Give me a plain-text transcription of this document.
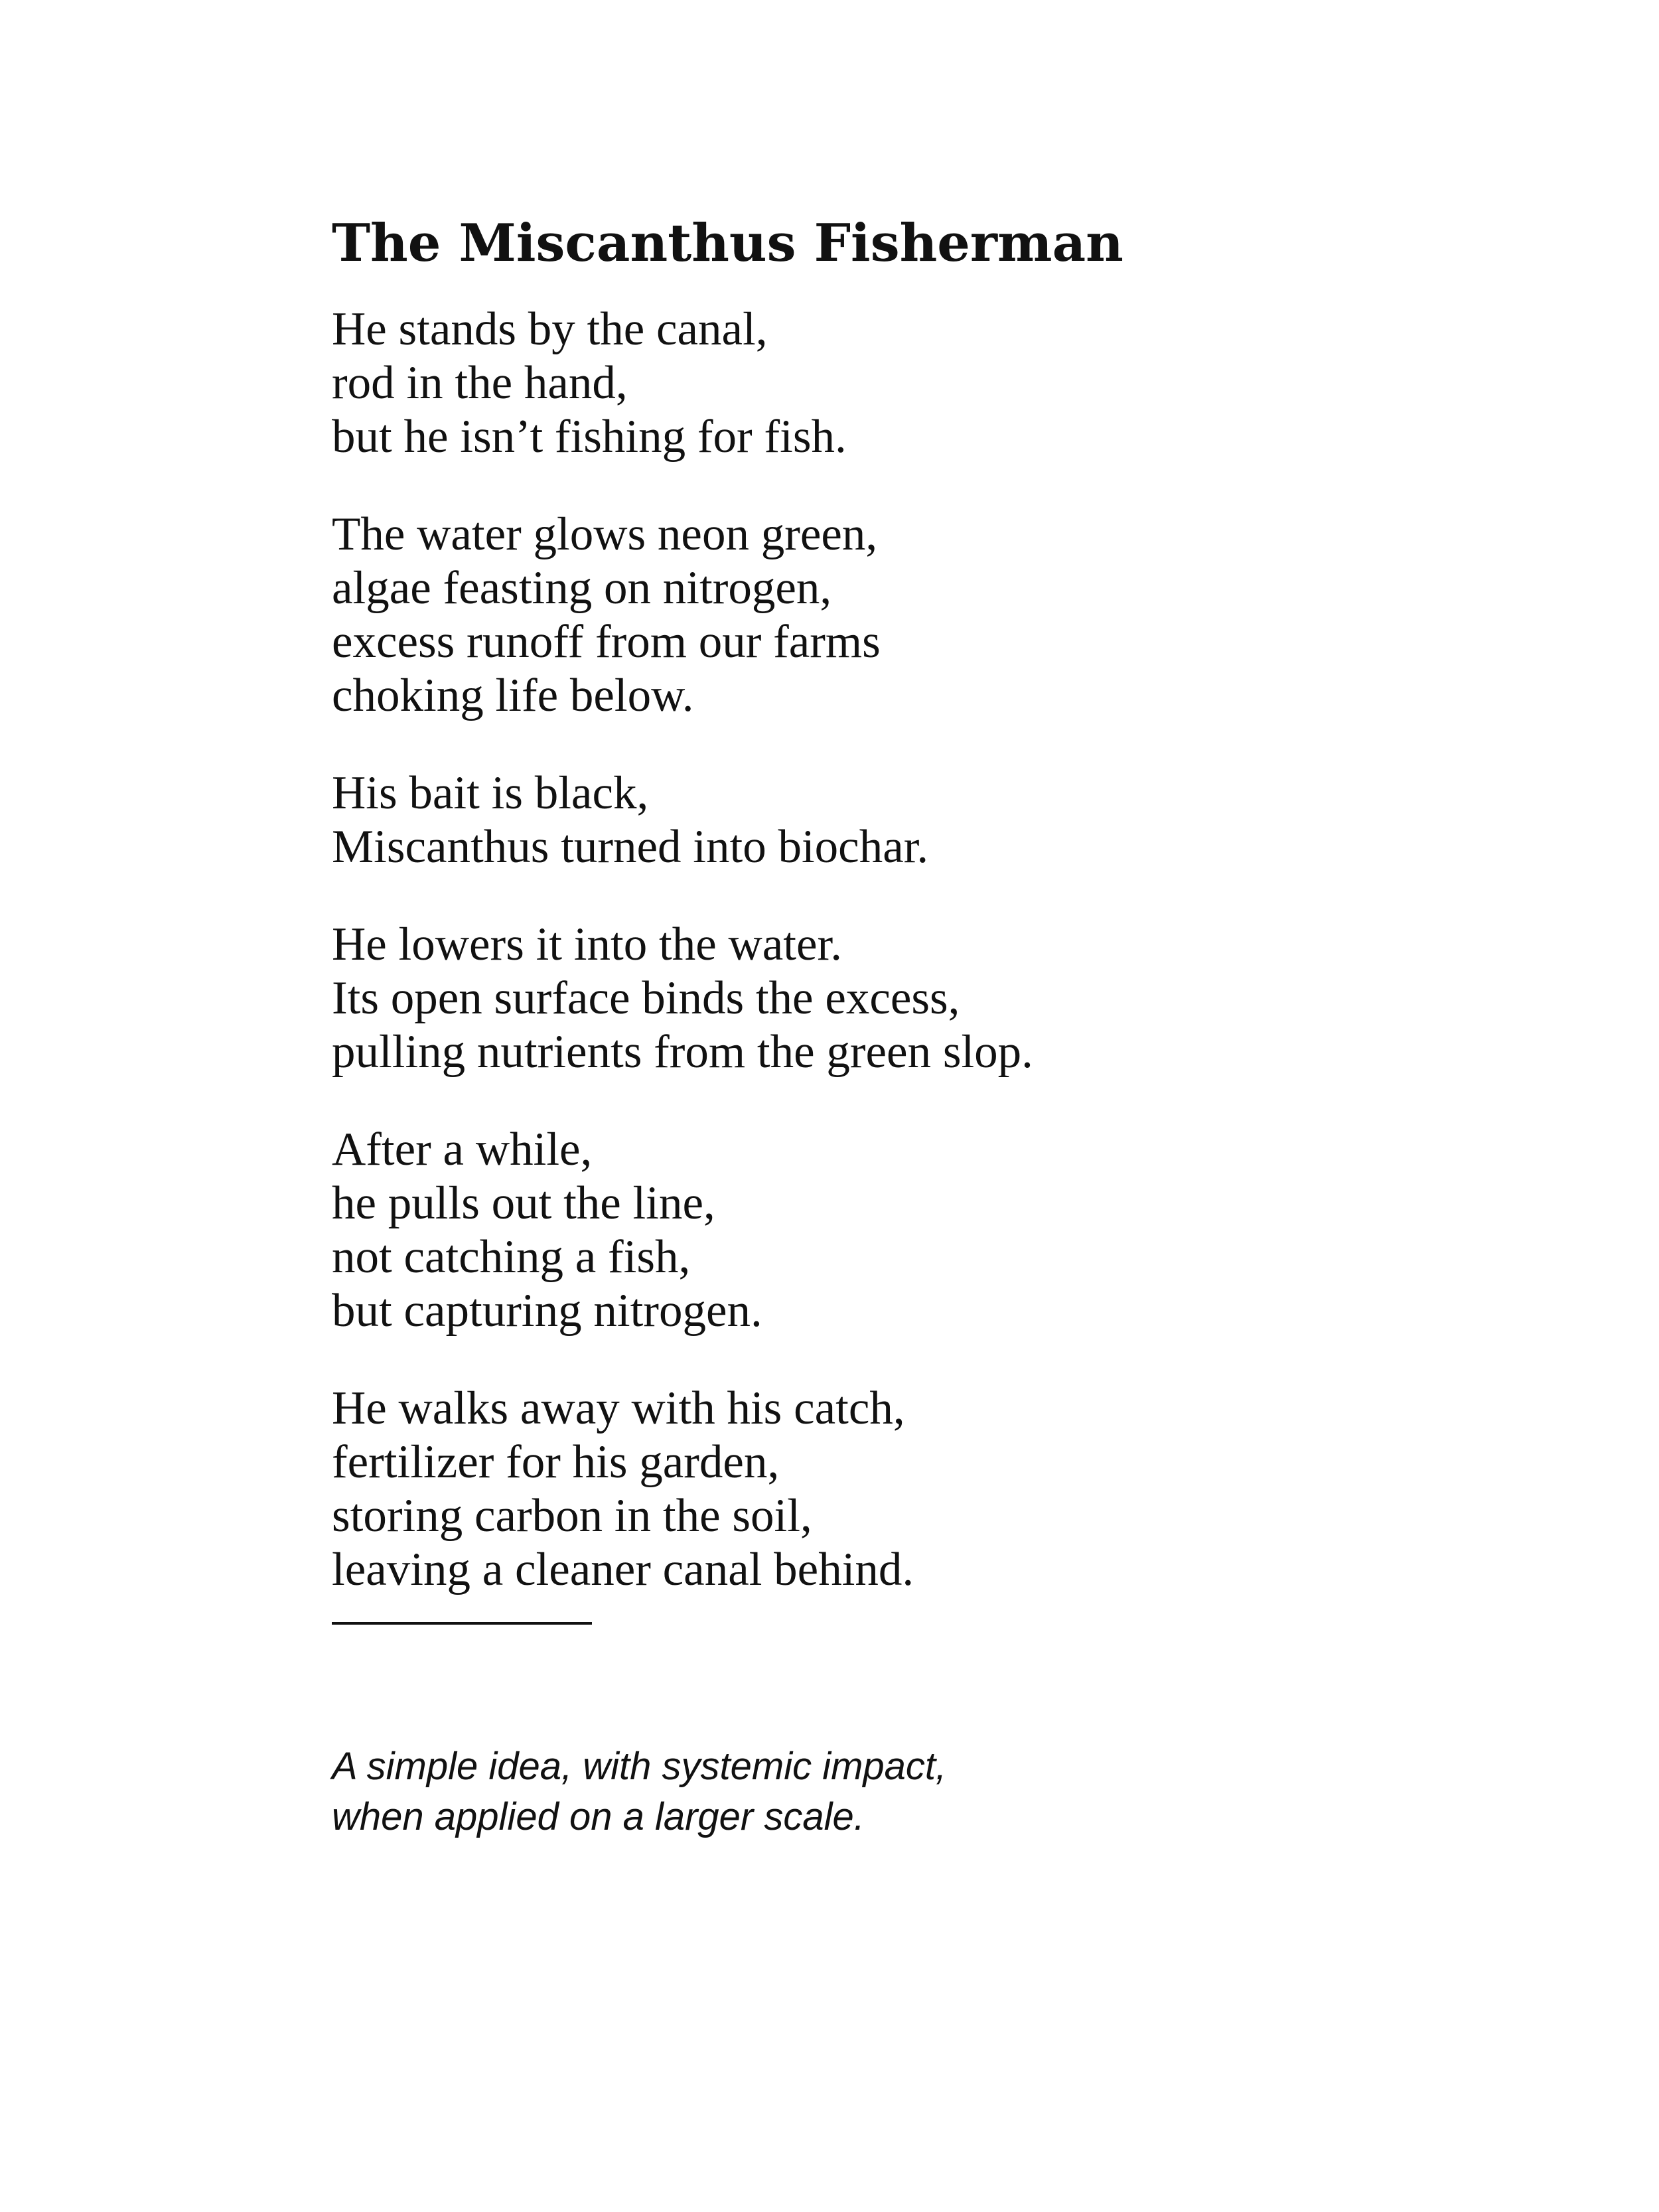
The Miscanthus Fisherman
He stands by the canal,
rod in the hand,
but he isn’t fishing for fish.
The water glows neon green,
algae feasting on nitrogen,
excess runoff from our farms
choking life below.
His bait is black,
Miscanthus turned into biochar.
He lowers it into the water.
Its open surface binds the excess,
pulling nutrients from the green slop.
After a while,
he pulls out the line,
not catching a fish,
but capturing nitrogen.
He walks away with his catch,
fertilizer for his garden,
storing carbon in the soil,
leaving a cleaner canal behind.
A simple idea, with systemic impact,
when applied on a larger scale.
